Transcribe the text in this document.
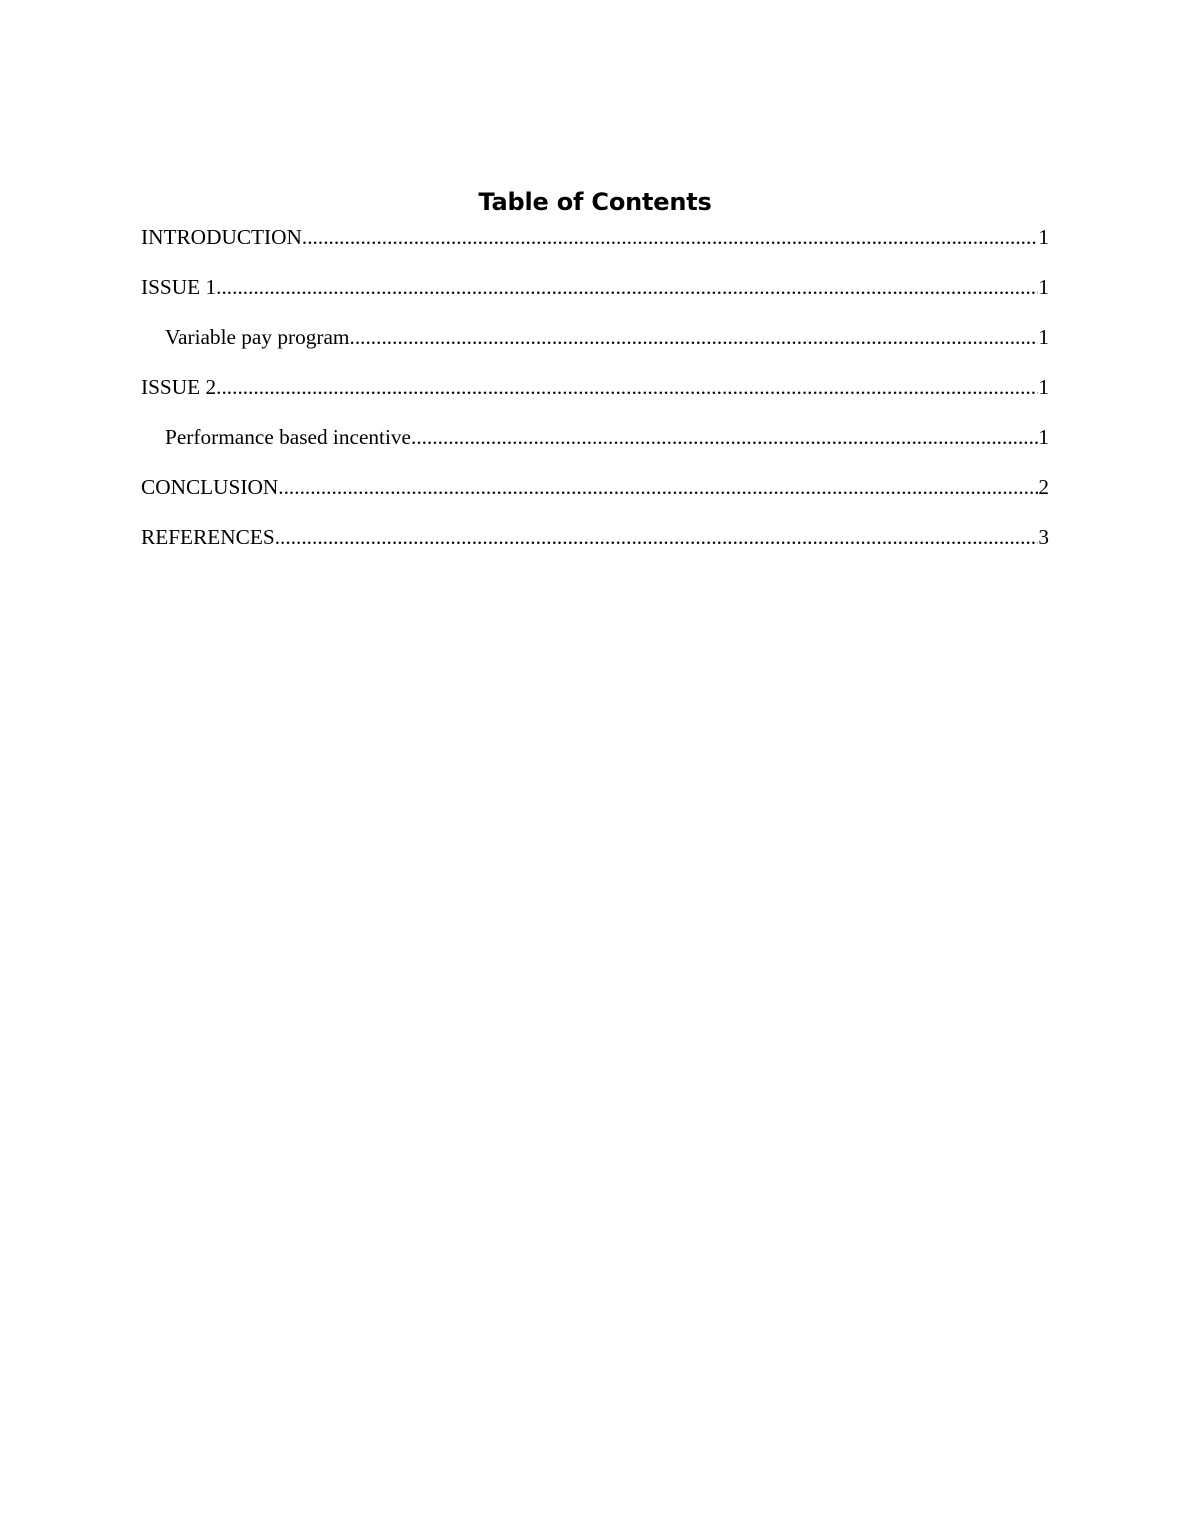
Table of Contents
INTRODUCTION .....	1
ISSUE 1 .....	1
Variable pay program .....	1
ISSUE 2 .....	1
Performance based incentive .....	1
CONCLUSION .....	2
REFERENCES .....	3
